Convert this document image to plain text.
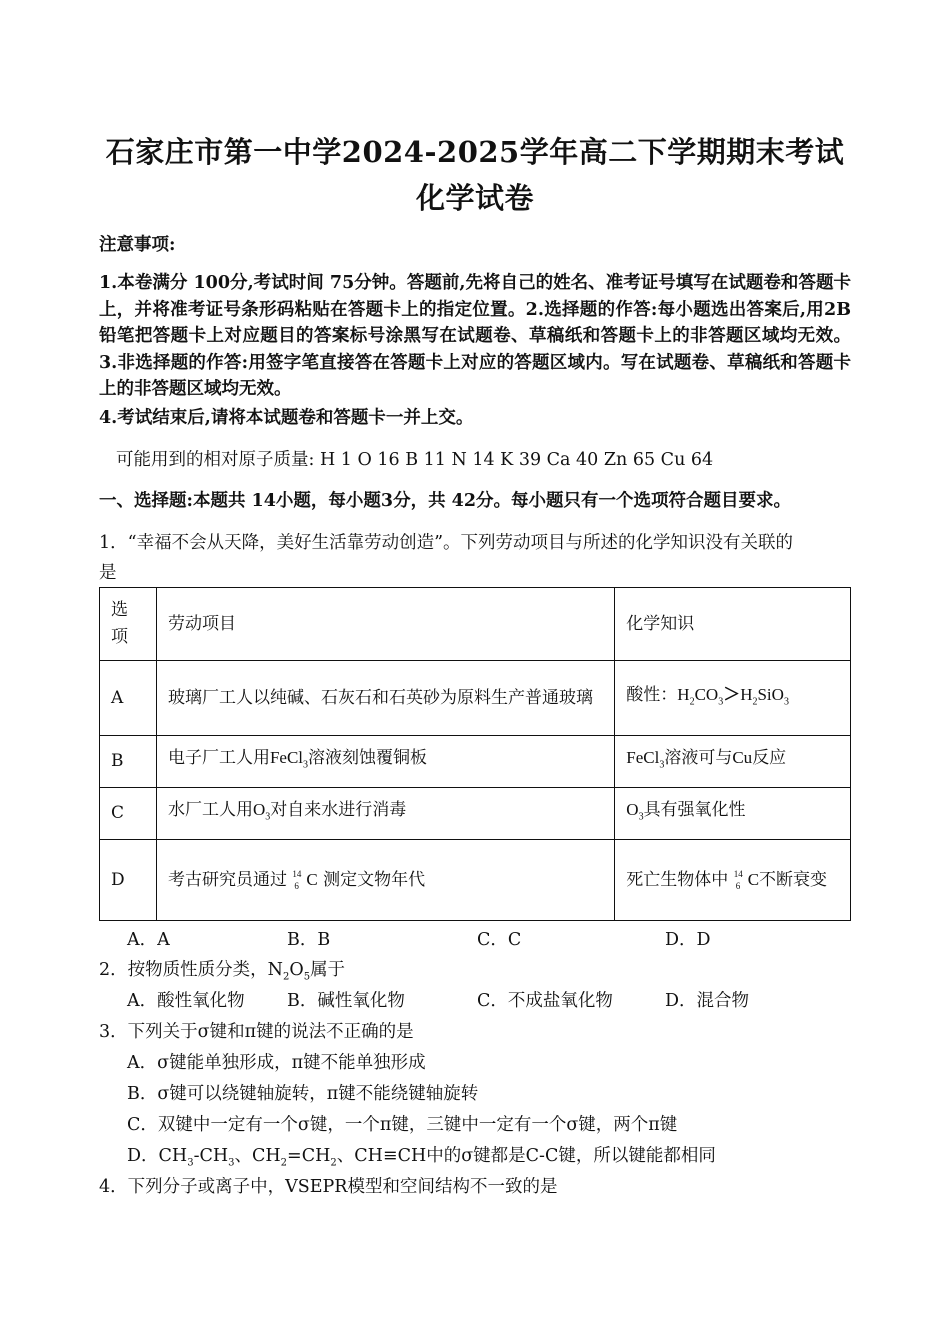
石家庄市第一中学2024-2025学年高二下学期期末考试
化学试卷
注意事项:
1.本卷满分 100分,考试时间 75分钟。答题前,先将自己的姓名、准考证号填写在试题卷和答题卡上，并将准考证号条形码粘贴在答题卡上的指定位置。2.选择题的作答:每小题选出答案后,用2B铅笔把答题卡上对应题目的答案标号涂黑写在试题卷、草稿纸和答题卡上的非答题区域均无效。3.非选择题的作答:用签字笔直接答在答题卡上对应的答题区域内。写在试题卷、草稿纸和答题卡上的非答题区域均无效。
4.考试结束后,请将本试题卷和答题卡一并上交。
可能用到的相对原子质量: H 1 O 16 B 11 N 14 K 39 Ca 40 Zn 65 Cu 64
一、选择题:本题共 14小题，每小题3分，共 42分。每小题只有一个选项符合题目要求。
1．“幸福不会从天降，美好生活靠劳动创造”。下列劳动项目与所述的化学知识没有关联的
是
选
项	劳动项目	化学知识
A	玻璃厂工人以纯碱、石灰石和石英砂为原料生产普通玻璃	酸性：$H_2CO_3>H_2SiO_3$
B	电子厂工人用FeCl$_3$溶液刻蚀覆铜板	FeCl$_3$溶液可与Cu反应
C	水厂工人用$O_3$对自来水进行消毒	$O_3$具有强氧化性
D	考古研究员通过 14
6 C 测定文物年代	死亡生物体中 14
6 C不断衰变
A．A	B．B	C．C	D．D
2．按物质性质分类，$N_2O_5$属于
A．酸性氧化物 B．碱性氧化物	C．不成盐氧化物	D．混合物
3．下列关于σ键和π键的说法不正确的是
A．σ键能单独形成，π键不能单独形成
B．σ键可以绕键轴旋转，π键不能绕键轴旋转
C．双键中一定有一个σ键，一个π键，三键中一定有一个σ键，两个π键
D．$CH_3-CH_3$、$CH_2=CH_2$、CH≡CH中的σ键都是C-C键，所以键能都相同
4．下列分子或离子中，VSEPR模型和空间结构不一致的是
